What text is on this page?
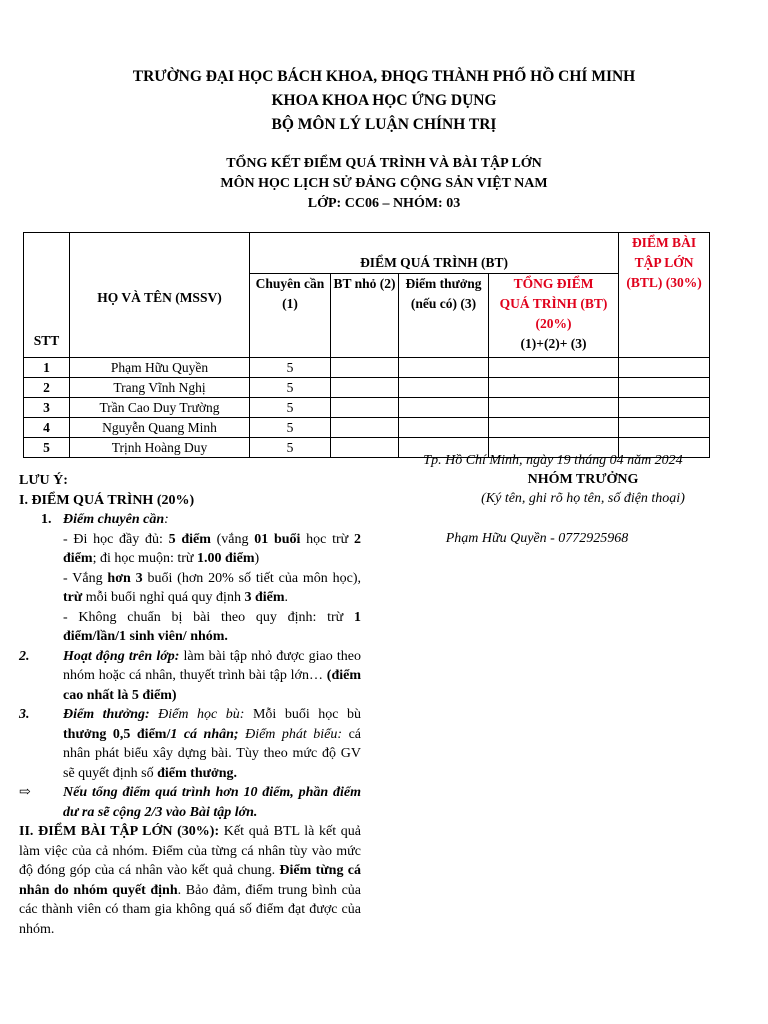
TRƯỜNG ĐẠI HỌC BÁCH KHOA, ĐHQG THÀNH PHỐ HỒ CHÍ MINH
KHOA KHOA HỌC ỨNG DỤNG
BỘ MÔN LÝ LUẬN CHÍNH TRỊ
TỔNG KẾT ĐIỂM QUÁ TRÌNH VÀ BÀI TẬP LỚN
MÔN HỌC LỊCH SỬ ĐẢNG CỘNG SẢN VIỆT NAM
LỚP: CC06 – NHÓM: 03
STT	HỌ VÀ TÊN (MSSV)	ĐIỂM QUÁ TRÌNH (BT)				ĐIỂM BÀI TẬP LỚN (BTL) (30%)
		Chuyên cần (1)	BT nhỏ (2)	Điểm thưởng (nếu có) (3)	TỔNG ĐIỂM QUÁ TRÌNH (BT) (20%)
(1)+(2)+ (3)	

1	Phạm Hữu Quyền	5				
2	Trang Vĩnh Nghị	5				
3	Trần Cao Duy Trường	5				
4	Nguyễn Quang Minh	5				
5	Trịnh Hoàng Duy	5				
Tp. Hồ Chí Minh, ngày 19 tháng 04 năm 2024
NHÓM TRƯỞNG
(Ký tên, ghi rõ họ tên, số điện thoại)
Phạm Hữu Quyền - 0772925968

LƯU Ý:

I. ĐIỂM QUÁ TRÌNH (20%)

1. Điểm chuyên cần:

- Đi học đầy đủ: 5 điểm (vắng 01 buổi học trừ 2 điểm; đi học muộn: trừ 1.00 điểm)

- Vắng hơn 3 buổi (hơn 20% số tiết của môn học), trừ mỗi buổi nghỉ quá quy định 3 điểm.

- Không chuẩn bị bài theo quy định: trừ 1 điểm/lần/1 sinh viên/ nhóm.

2. Hoạt động trên lớp: làm bài tập nhỏ được giao theo nhóm hoặc cá nhân, thuyết trình bài tập lớn… (điểm cao nhất là 5 điểm)

3. Điểm thưởng: Điểm học bù: Mỗi buổi học bù thưởng 0,5 điểm/1 cá nhân; Điểm phát biểu: cá nhân phát biểu xây dựng bài. Tùy theo mức độ GV sẽ quyết định số điểm thưởng.

⇨ Nếu tổng điểm quá trình hơn 10 điểm, phần điểm dư ra sẽ cộng 2/3 vào Bài tập lớn.

II. ĐIỂM BÀI TẬP LỚN (30%): Kết quả BTL là kết quả làm việc của cả nhóm. Điểm của từng cá nhân tùy vào mức độ đóng góp của cá nhân vào kết quả chung. Điểm từng cá nhân do nhóm quyết định. Bảo đảm, điểm trung bình của các thành viên có tham gia không quá số điểm đạt được của nhóm.
